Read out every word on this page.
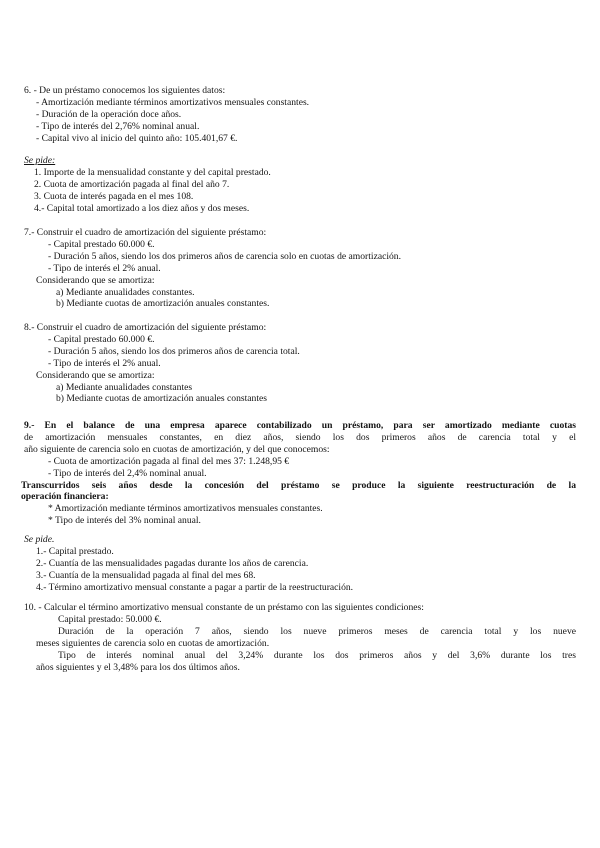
6. - De un préstamo conocemos los siguientes datos:
- Amortización mediante términos amortizativos mensuales constantes.
- Duración de la operación doce años.
- Tipo de interés del 2,76% nominal anual.
- Capital vivo al inicio del quinto año: 105.401,67 €.
Se pide:
1. Importe de la mensualidad constante y del capital prestado.
2. Cuota de amortización pagada al final del año 7.
3. Cuota de interés pagada en el mes 108.
4.- Capital total amortizado a los diez años y dos meses.
7.- Construir el cuadro de amortización del siguiente préstamo:
- Capital prestado 60.000 €.
- Duración 5 años, siendo los dos primeros años de carencia solo en cuotas de amortización.
- Tipo de interés el 2% anual.
Considerando que se amortiza:
a) Mediante anualidades constantes.
b) Mediante cuotas de amortización anuales constantes.
8.- Construir el cuadro de amortización del siguiente préstamo:
- Capital prestado 60.000 €.
- Duración 5 años, siendo los dos primeros años de carencia total.
- Tipo de interés el 2% anual.
Considerando que se amortiza:
a) Mediante anualidades constantes
b) Mediante cuotas de amortización anuales constantes
9.- En el balance de una empresa aparece contabilizado un préstamo, para ser amortizado mediante cuotas
de amortización mensuales constantes, en diez años, siendo los dos primeros años de carencia total y el
año siguiente de carencia solo en cuotas de amortización, y del que conocemos:
- Cuota de amortización pagada al final del mes 37: 1.248,95 €
- Tipo de interés del 2,4% nominal anual.
Transcurridos seis años desde la concesión del préstamo se produce la siguiente reestructuración de la
operación financiera:
* Amortización mediante términos amortizativos mensuales constantes.
* Tipo de interés del 3% nominal anual.
Se pide.
1.- Capital prestado.
2.- Cuantía de las mensualidades pagadas durante los años de carencia.
3.- Cuantía de la mensualidad pagada al final del mes 68.
4.- Término amortizativo mensual constante a pagar a partir de la reestructuración.
10. - Calcular el término amortizativo mensual constante de un préstamo con las siguientes condiciones:
Capital prestado: 50.000 €.
Duración de la operación 7 años, siendo los nueve primeros meses de carencia total y los nueve
meses siguientes de carencia solo en cuotas de amortización.
Tipo de interés nominal anual del 3,24% durante los dos primeros años y del 3,6% durante los tres
años siguientes y el 3,48% para los dos últimos años.
